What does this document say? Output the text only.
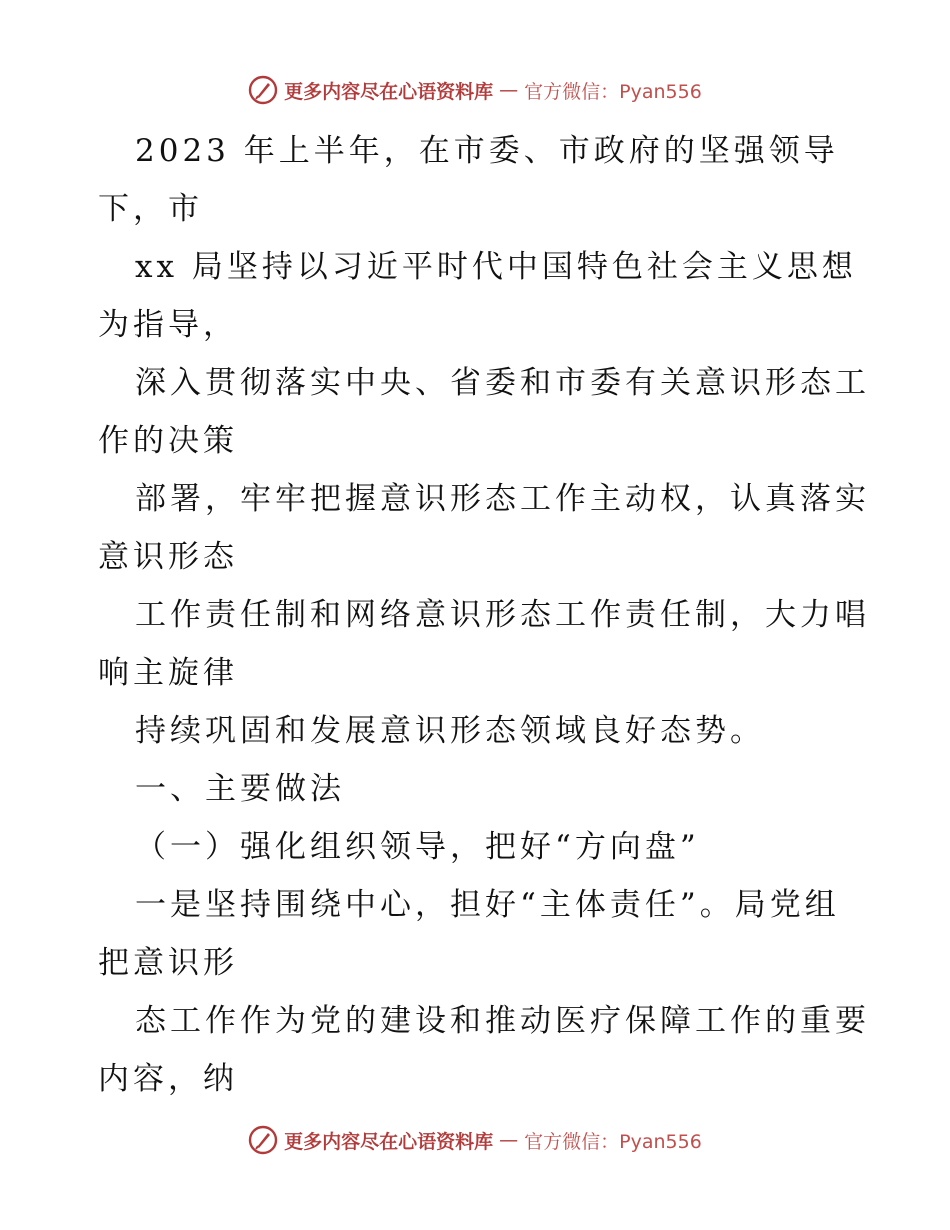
更多内容尽在心语资料库 — 官方微信：Pyan556
2023 年上半年，在市委、市政府的坚强领导
下，市
xx 局坚持以习近平时代中国特色社会主义思想
为指导，
深入贯彻落实中央、省委和市委有关意识形态工
作的决策
部署，牢牢把握意识形态工作主动权，认真落实
意识形态
工作责任制和网络意识形态工作责任制，大力唱
响主旋律
持续巩固和发展意识形态领域良好态势。
一、主要做法
（一）强化组织领导，把好“方向盘”
一是坚持围绕中心，担好“主体责任”。局党组
把意识形
态工作作为党的建设和推动医疗保障工作的重要
内容，纳
更多内容尽在心语资料库 — 官方微信：Pyan556
